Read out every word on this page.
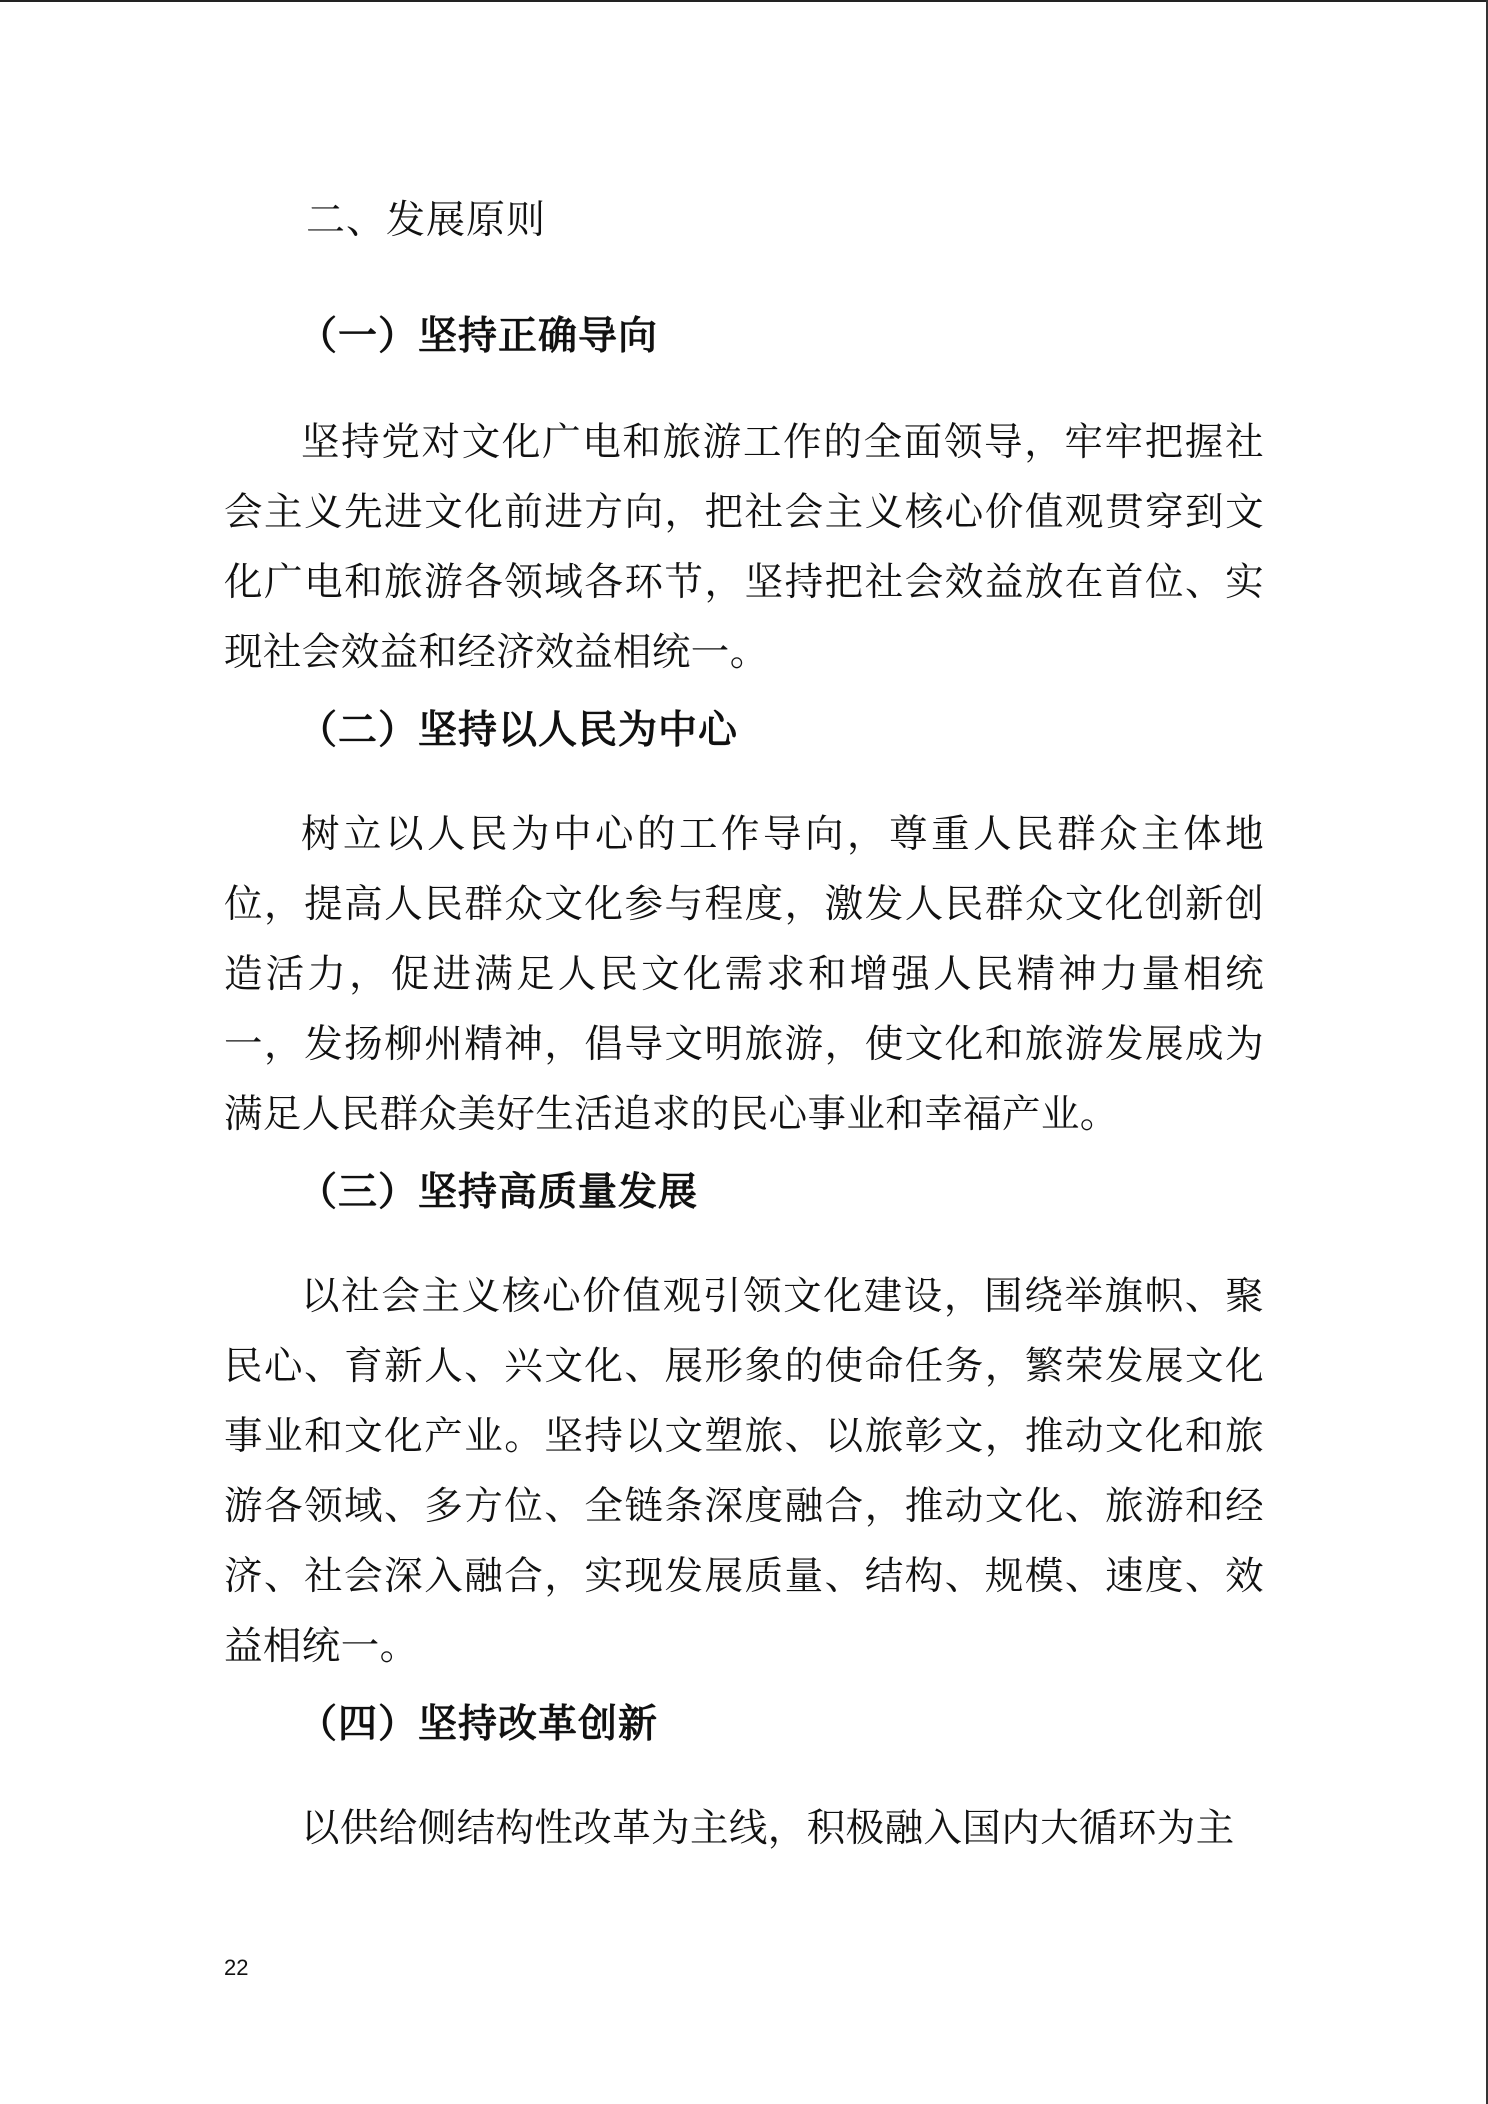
二、发展原则
（一）坚持正确导向

坚持党对文化广电和旅游工作的全面领导，牢牢把握社会主义先进文化前进方向，把社会主义核心价值观贯穿到文化广电和旅游各领域各环节，坚持把社会效益放在首位、实现社会效益和经济效益相统一。

（二）坚持以人民为中心

树立以人民为中心的工作导向，尊重人民群众主体地位，提高人民群众文化参与程度，激发人民群众文化创新创造活力，促进满足人民文化需求和增强人民精神力量相统一，发扬柳州精神，倡导文明旅游，使文化和旅游发展成为满足人民群众美好生活追求的民心事业和幸福产业。

（三）坚持高质量发展

以社会主义核心价值观引领文化建设，围绕举旗帜、聚民心、育新人、兴文化、展形象的使命任务，繁荣发展文化事业和文化产业。坚持以文塑旅、以旅彰文，推动文化和旅游各领域、多方位、全链条深度融合，推动文化、旅游和经济、社会深入融合，实现发展质量、结构、规模、速度、效益相统一。

（四）坚持改革创新

以供给侧结构性改革为主线，积极融入国内大循环为主

22
